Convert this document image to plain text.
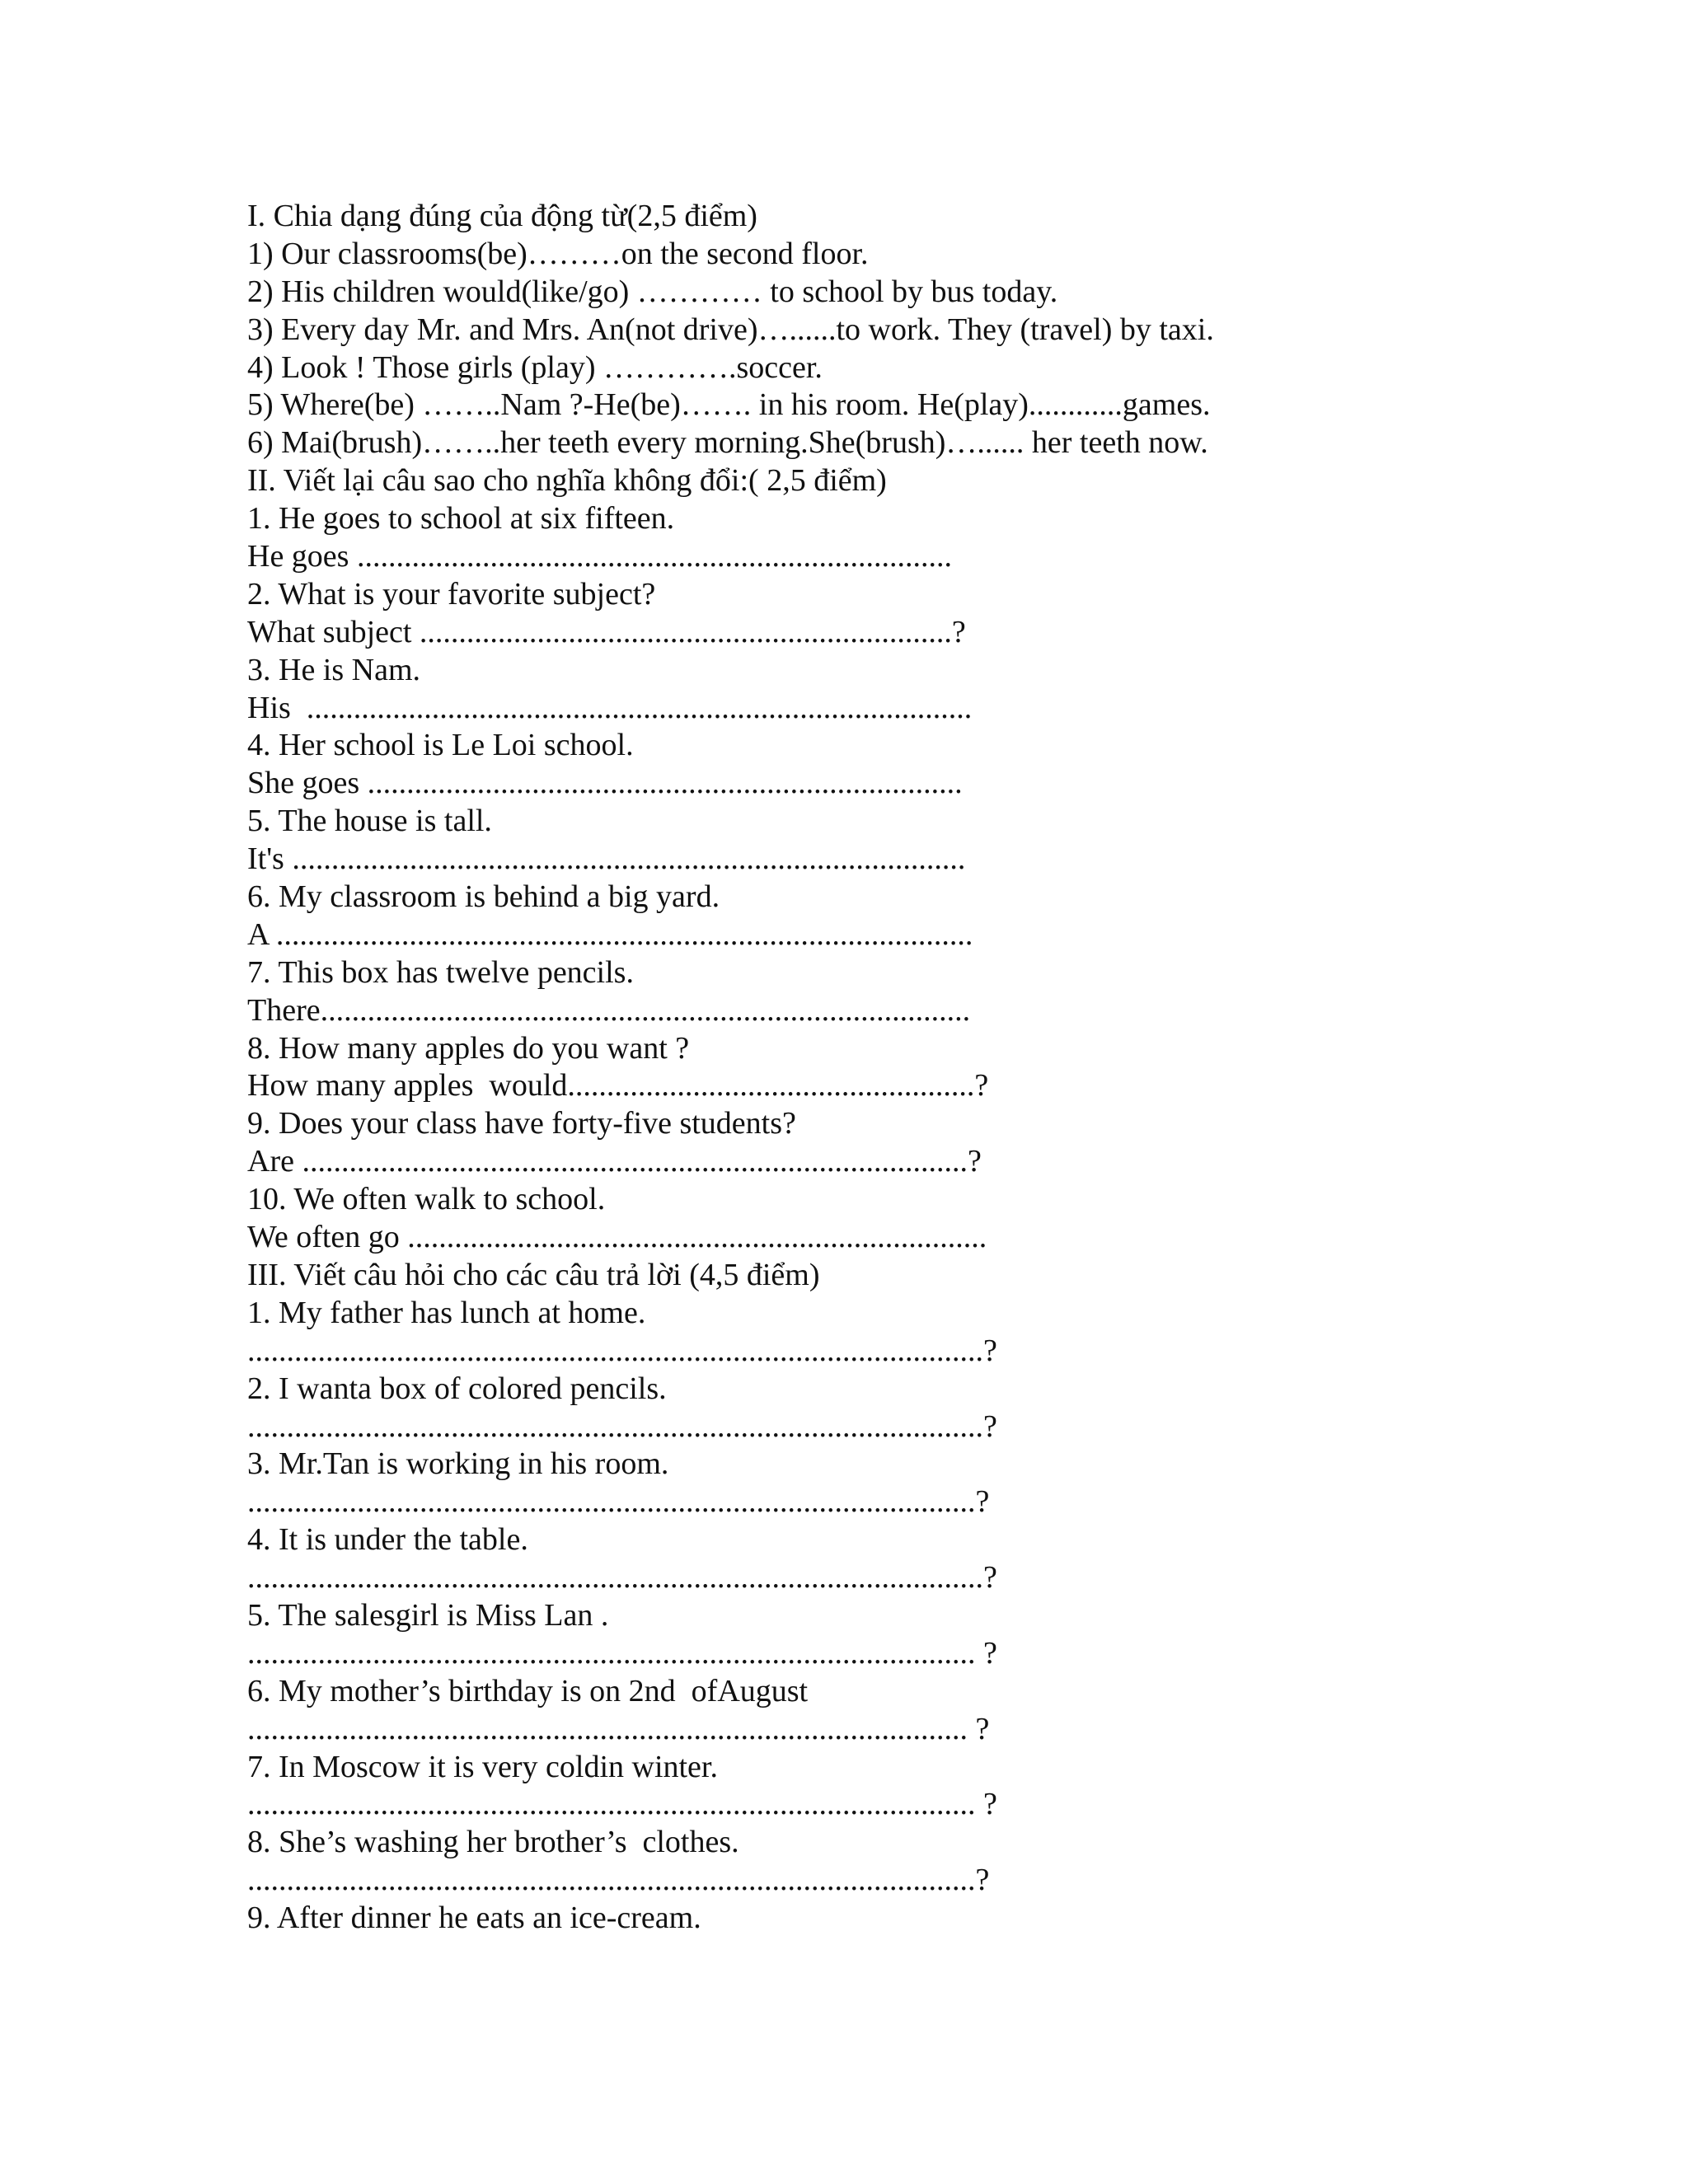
I. Chia dạng đúng của động từ(2,5 điểm)
1) Our classrooms(be)………on the second floor.
2) His children would(like/go) ………… to school by bus today.
3) Every day Mr. and Mrs. An(not drive)…......to work. They (travel) by taxi.
4) Look ! Those girls (play) ………….soccer.
5) Where(be) ……..Nam ?-He(be)……. in his room. He(play)............games.
6) Mai(brush)……..her teeth every morning.She(brush)…...... her teeth now.
II. Viết lại câu sao cho nghĩa không đổi:( 2,5 điểm)
1. He goes to school at six fifteen.
He goes ............................................................................
2. What is your favorite subject?
What subject ....................................................................?
3. He is Nam.
His  .....................................................................................
4. Her school is Le Loi school.
She goes ............................................................................
5. The house is tall.
It's ......................................................................................
6. My classroom is behind a big yard.
A .........................................................................................
7. This box has twelve pencils.
There...................................................................................
8. How many apples do you want ?
How many apples  would....................................................?
9. Does your class have forty-five students?
Are .....................................................................................?
10. We often walk to school.
We often go ..........................................................................
III. Viết câu hỏi cho các câu trả lời (4,5 điểm)
1. My father has lunch at home.
..............................................................................................?
2. I wanta box of colored pencils.
..............................................................................................?
3. Mr.Tan is working in his room.
.............................................................................................?
4. It is under the table.
..............................................................................................?
5. The salesgirl is Miss Lan .
............................................................................................. ?
6. My mother’s birthday is on 2nd  ofAugust
............................................................................................ ?
7. In Moscow it is very coldin winter.
............................................................................................. ?
8. She’s washing her brother’s  clothes.
.............................................................................................?
9. After dinner he eats an ice-cream.
